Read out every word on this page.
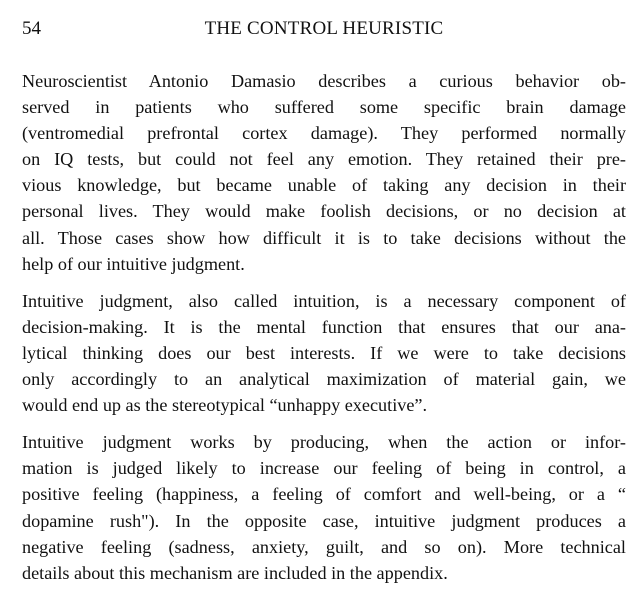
54	THE CONTROL HEURISTIC

Neuroscientist Antonio Damasio describes a curious behavior ob-
served in patients who suffered some specific brain damage
(ventromedial prefrontal cortex damage). They performed normally
on IQ tests, but could not feel any emotion. They retained their pre-
vious knowledge, but became unable of taking any decision in their
personal lives. They would make foolish decisions, or no decision at
all. Those cases show how difficult it is to take decisions without the
help of our intuitive judgment.

Intuitive judgment, also called intuition, is a necessary component of
decision-making. It is the mental function that ensures that our ana-
lytical thinking does our best interests. If we were to take decisions
only accordingly to an analytical maximization of material gain, we
would end up as the stereotypical “unhappy executive”.

Intuitive judgment works by producing, when the action or infor-
mation is judged likely to increase our feeling of being in control, a
positive feeling (happiness, a feeling of comfort and well-being, or a “
dopamine rush"). In the opposite case, intuitive judgment produces a
negative feeling (sadness, anxiety, guilt, and so on). More technical
details about this mechanism are included in the appendix.
